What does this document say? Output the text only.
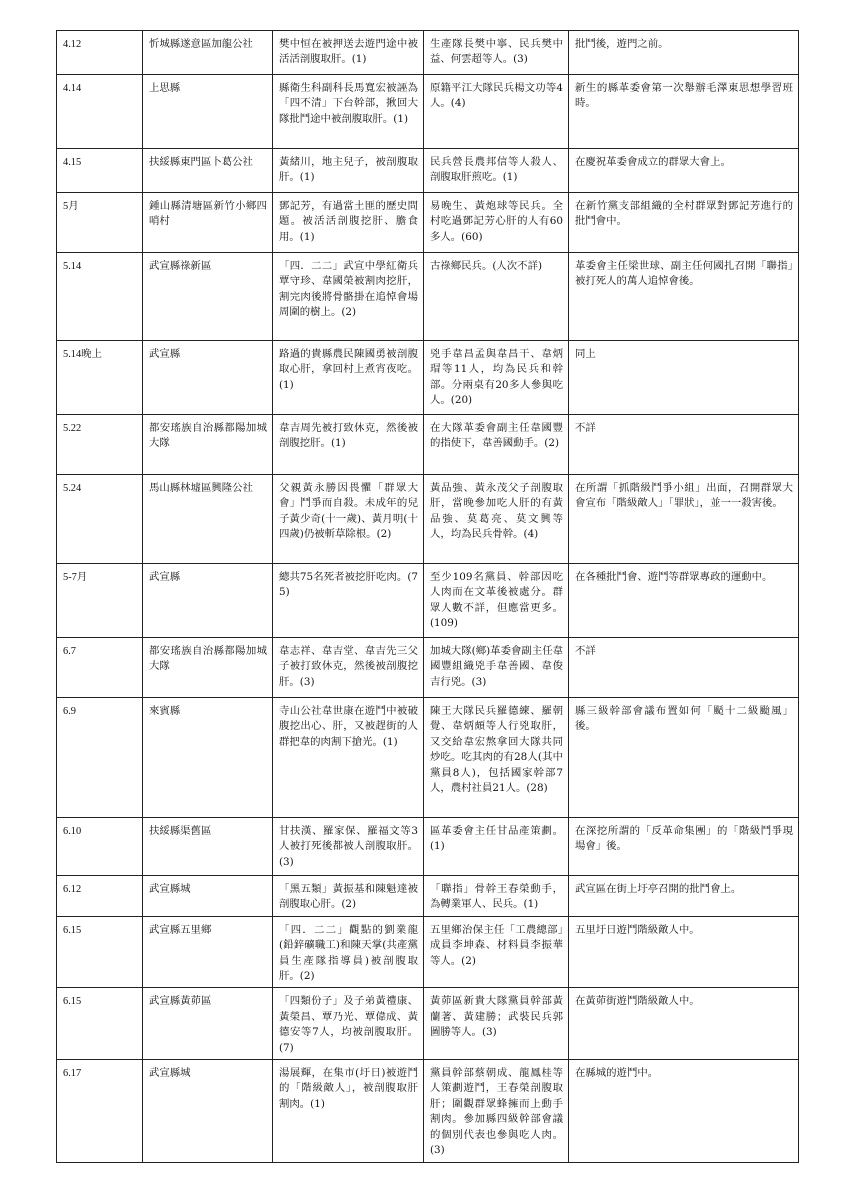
4.12	忻城縣遂意區加龍公社	樊中恒在被押送去遊門途中被活活剖腹取肝。(1)	生產隊長樊中寧、民兵樊中益、何雲超等人。(3)	批鬥後，遊門之前。
4.14	上思縣	縣衛生科副科長馬寬宏被誣為「四不清」下台幹部，揪回大隊批鬥途中被剖腹取肝。(1)	原籍平江大隊民兵楊文功等4人。(4)	新生的縣革委會第一次舉辦毛澤東思想學習班時。
4.15	扶綏縣東門區卜葛公社	黃緒川，地主兒子，被剖腹取肝。(1)	民兵營長農邦信等人殺人、剖腹取肝煎吃。(1)	在慶祝革委會成立的群眾大會上。
5月	鍾山縣清塘區新竹小鄉四哨村	鄧記芳，有過當土匪的歷史問題。被活活剖腹挖肝、膽食用。(1)	易晚生、黃炮球等民兵。全村吃過鄧記芳心肝的人有60多人。(60)	在新竹黨支部組織的全村群眾對鄧記芳進行的批鬥會中。
5.14	武宣縣祿新區	「四．二二」武宣中學紅衛兵覃守珍、韋國榮被割肉挖肝，割完肉後將骨骼掛在追悼會場周圍的樹上。(2)	古祿鄉民兵。(人次不詳)	革委會主任梁世球、副主任何國扎召開「聯指」被打死人的萬人追悼會後。
5.14晚上	武宣縣	路過的貴縣農民陳國勇被剖腹取心肝，拿回村上煮宵夜吃。(1)	兇手韋昌孟與韋昌干、韋炳瑁等11人，均為民兵和幹部。分兩桌有20多人參與吃人。(20)	同上
5.22	都安瑤族自治縣都陽加城大隊	韋吉周先被打致休克，然後被剖腹挖肝。(1)	在大隊革委會副主任韋國豐的指使下，韋善國動手。(2)	不詳
5.24	馬山縣林墟區興隆公社	父親黃永勝因畏懼「群眾大會」鬥爭而自殺。未成年的兒子黃少奇(十一歲)、黃月明(十四歲)仍被斬草除根。(2)	黃品強、黃永茂父子剖腹取肝，當晚參加吃人肝的有黃品強、莫葛亮、莫文興等人，均為民兵骨幹。(4)	在所謂「抓階級鬥爭小組」出面，召開群眾大會宣布「階級敵人」「罪狀」，並一一殺害後。
5-7月	武宣縣	總共75名死者被挖肝吃肉。(75)	至少109名黨員、幹部因吃人肉而在文革後被處分。群眾人數不詳，但應當更多。(109)	在各種批鬥會、遊鬥等群眾專政的運動中。
6.7	都安瑤族自治縣都陽加城大隊	韋志祥、韋吉堂、韋吉先三父子被打致休克，然後被剖腹挖肝。(3)	加城大隊(鄉)革委會副主任韋國豐組織兇手韋善國、韋俊吉行兇。(3)	不詳
6.9	來賓縣	寺山公社韋世康在遊鬥中被破腹挖出心、肝，又被趕街的人群把韋的肉割下搶光。(1)	陳王大隊民兵羅德練、羅朝覺、韋炳頗等人行兇取肝，又交給韋宏熬拿回大隊共同炒吃。吃其肉的有28人(其中黨員8人)，包括國家幹部7人，農村社員21人。(28)	縣三級幹部會議布置如何「颳十二級颱風」後。
6.10	扶綏縣渠舊區	甘扶漢、羅家保、羅福文等3人被打死後都被人剖腹取肝。(3)	區革委會主任甘品產策劃。(1)	在深挖所謂的「反革命集團」的「階級鬥爭現場會」後。
6.12	武宣縣城	「黑五類」黃振基和陳魁達被剖腹取心肝。(2)	「聯指」骨幹王春榮動手，為轉業軍人、民兵。(1)	武宣區在街上圩亭召開的批鬥會上。
6.15	武宣縣五里鄉	「四．二二」觀點的劉業龍(鉛鋅礦職工)和陳天掌(共產黨員生產隊指導員)被剖腹取肝。(2)	五里鄉治保主任「工農總部」成員李坤森、材料員李振華等人。(2)	五里圩日遊鬥階級敵人中。
6.15	武宣縣黃茆區	「四類份子」及子弟黃禮康、黃榮昌、覃乃光、覃偉成、黃德安等7人，均被剖腹取肝。(7)	黃茆區新貴大隊黨員幹部黃蘭著、黃建勝；武裝民兵郭圖勝等人。(3)	在黃茆街遊鬥階級敵人中。
6.17	武宣縣城	湯展輝，在集市(圩日)被遊鬥的「階級敵人」，被剖腹取肝割肉。(1)	黨員幹部蔡朝成、龍鳳桂等人策劃遊鬥，王春榮剖腹取肝；圍觀群眾蜂擁而上動手割肉。參加縣四級幹部會議的個別代表也參與吃人肉。(3)	在縣城的遊鬥中。
